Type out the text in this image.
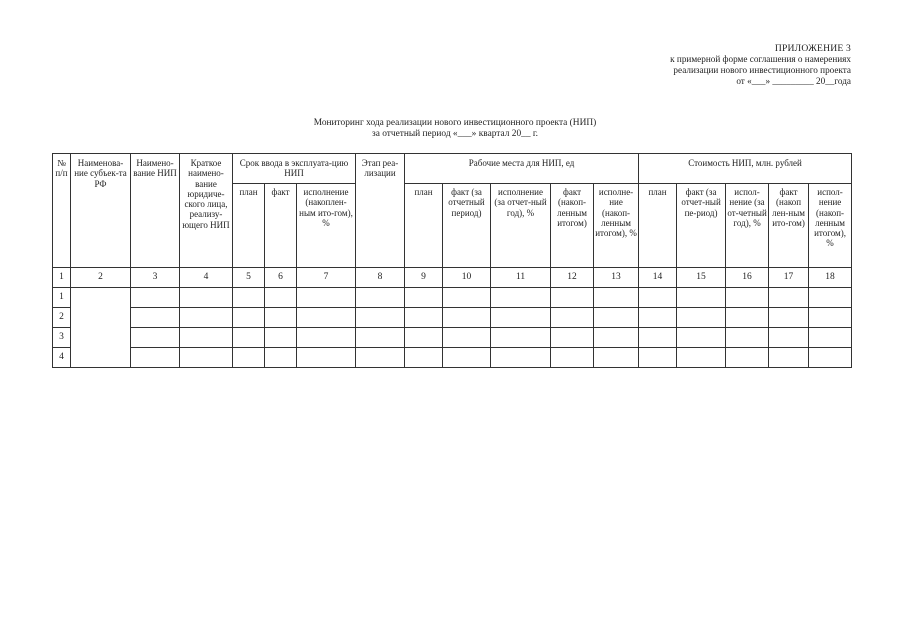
ПРИЛОЖЕНИЕ 3
к примерной форме соглашения о намерениях
реализации нового инвестиционного проекта
от «___» _________ 20__года
Мониторинг хода реализации нового инвестиционного проекта (НИП)
за отчетный период «___» квартал 20__ г.
№ п/п	Наименова-ние субъек-та РФ	Наимено-вание НИП	Краткое наимено-вание юридиче-ского лица, реализу-ющего НИП	Срок ввода в эксплуата-цию НИП			Этап реа-лизации	Рабочие места для НИП, ед					Стоимость НИП, млн. рублей				
				план	факт	исполнение (накоплен-ным ито-гом), %		план	факт (за отчетный период)	исполнение (за отчет-ный год), %	факт (накоп-ленным итогом)	исполне-ние (накоп-ленным итогом), %	план	факт (за отчет-ный пе-риод)	испол-нение (за от-четный год), %	факт (накоп лен-ным ито-гом)	испол-нение (накоп-ленным итогом), %
1	2	3	4	5	6	7	8	9	10	11	12	13	14	15	16	17	18
1																	
2																	
3																	
4																	
